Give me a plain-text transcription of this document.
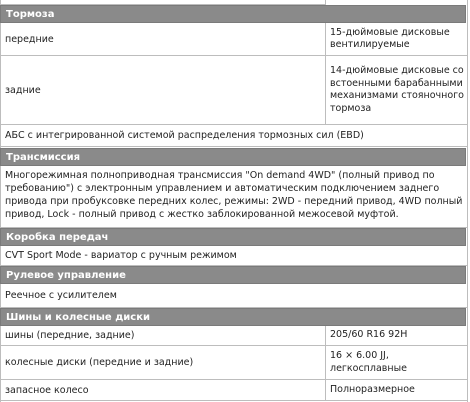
Тормоза
передние
15-дюймовые дисковые вентилируемые
задние
14-дюймовые дисковые со встоенными барабанными механизмами стояночного тормоза
АБС с интегрированной системой распределения тормозных сил (EBD)
Трансмиссия
Многорежимная полноприводная трансмиссия "On demand 4WD" (полный привод по требованию") с электронным управлением и автоматическим подключением заднего привода при пробуксовке передних колес, режимы: 2WD - передний привод, 4WD полный привод, Lock - полный привод с жестко заблокированной межосевой муфтой.
Коробка передач
CVT Sport Mode - вариатор с ручным режимом
Рулевое управление
Реечное с усилителем
Шины и колесные диски
шины (передние, задние)	205/60 R16 92H
колесные диски (передние и задние)
16 × 6.00 JJ, легкосплавные
запасное колесо	Полноразмерное
